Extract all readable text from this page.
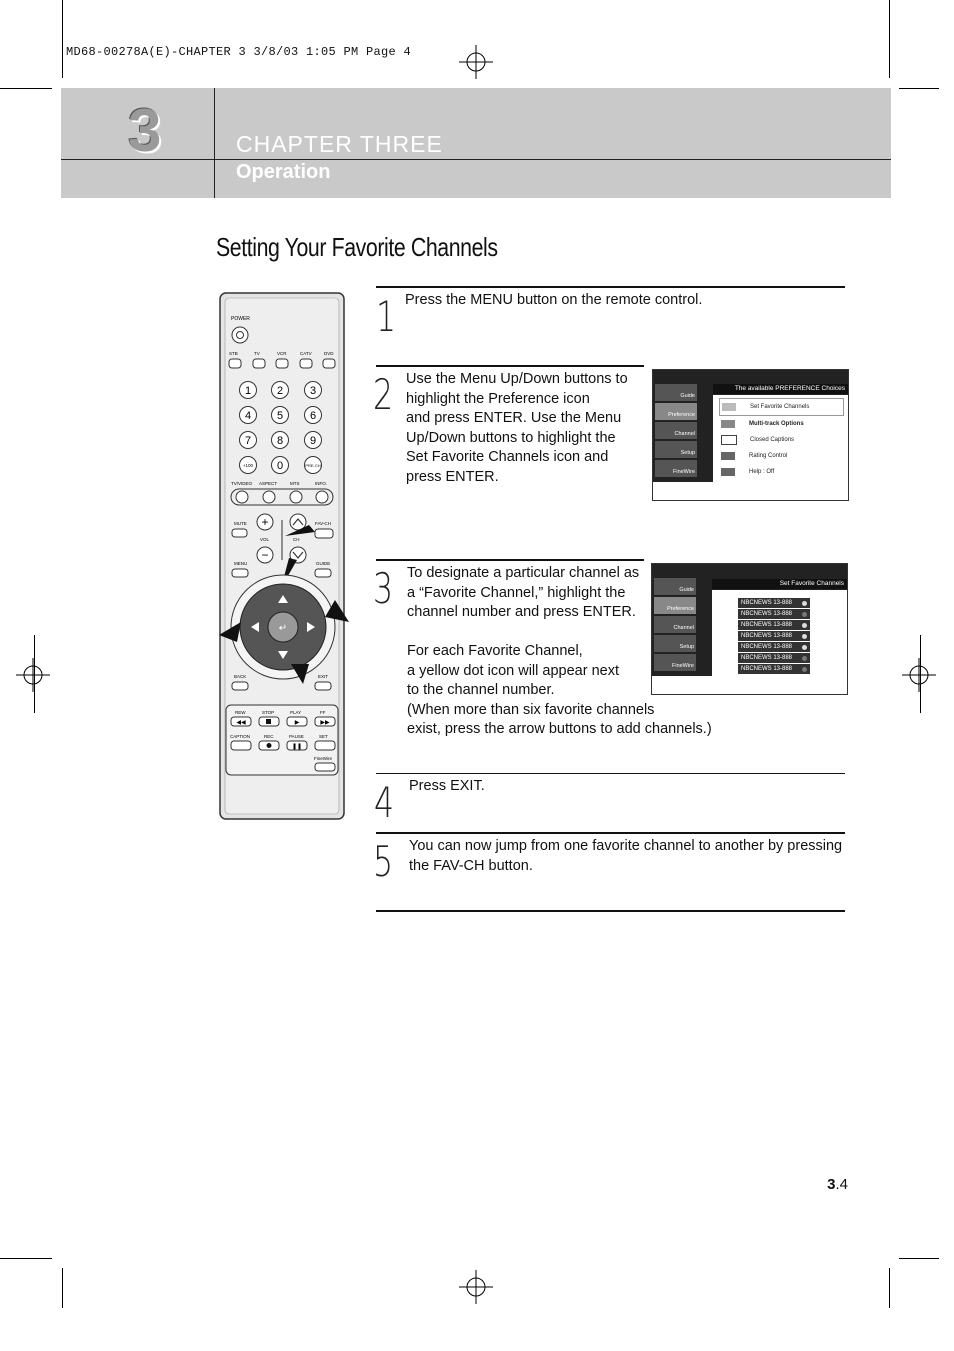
MD68-00278A(E)-CHAPTER 3 3/8/03 1:05 PM Page 4
3	CHAPTER THREE
Operation
Setting Your Favorite Channels
1 Press the MENU button on the remote control.
2 Use the Menu Up/Down buttons to
highlight the Preference icon
and press ENTER. Use the Menu
Up/Down buttons to highlight the
Set Favorite Channels icon and
press ENTER.
3 To designate a particular channel as
a “Favorite Channel,” highlight the
channel number and press ENTER.
For each Favorite Channel,
a yellow dot icon will appear next
to the channel number.
(When more than six favorite channels
exist, press the arrow buttons to add channels.)
4 Press EXIT.
5 You can now jump from one favorite channel to another by pressing
the FAV-CH button.
The available PREFERENCE Choices
Guide
Preference
Channel
Setup
FineWire
Set Favorite Channels
Multi-track Options
Closed Captions
Rating Control
Help : Off
Set Favorite Channels
Guide
Preference
Channel
Setup
FineWire
NBCNEWS 13-888
NBCNEWS 13-888
NBCNEWS 13-888
NBCNEWS 13-888
NBCNEWS 13-888
NBCNEWS 13-888
NBCNEWS 13-888
POWER
STB	TV	VCR	CATV	DVD
1 2 3
4 5 6
7 8 9
+100 0	PRE-CH
TV/VIDEO ASPECT	MTS	INFO.
MUTE +
VOL
−
CH
FAV-CH
MENU	GUIDE
↵
BACK	EXIT
REW	STOP	PLAY	FF
◀◀	▶	▶▶
CAPTION	REC	PAUSE	SET
❚❚
FineWire
3.4
